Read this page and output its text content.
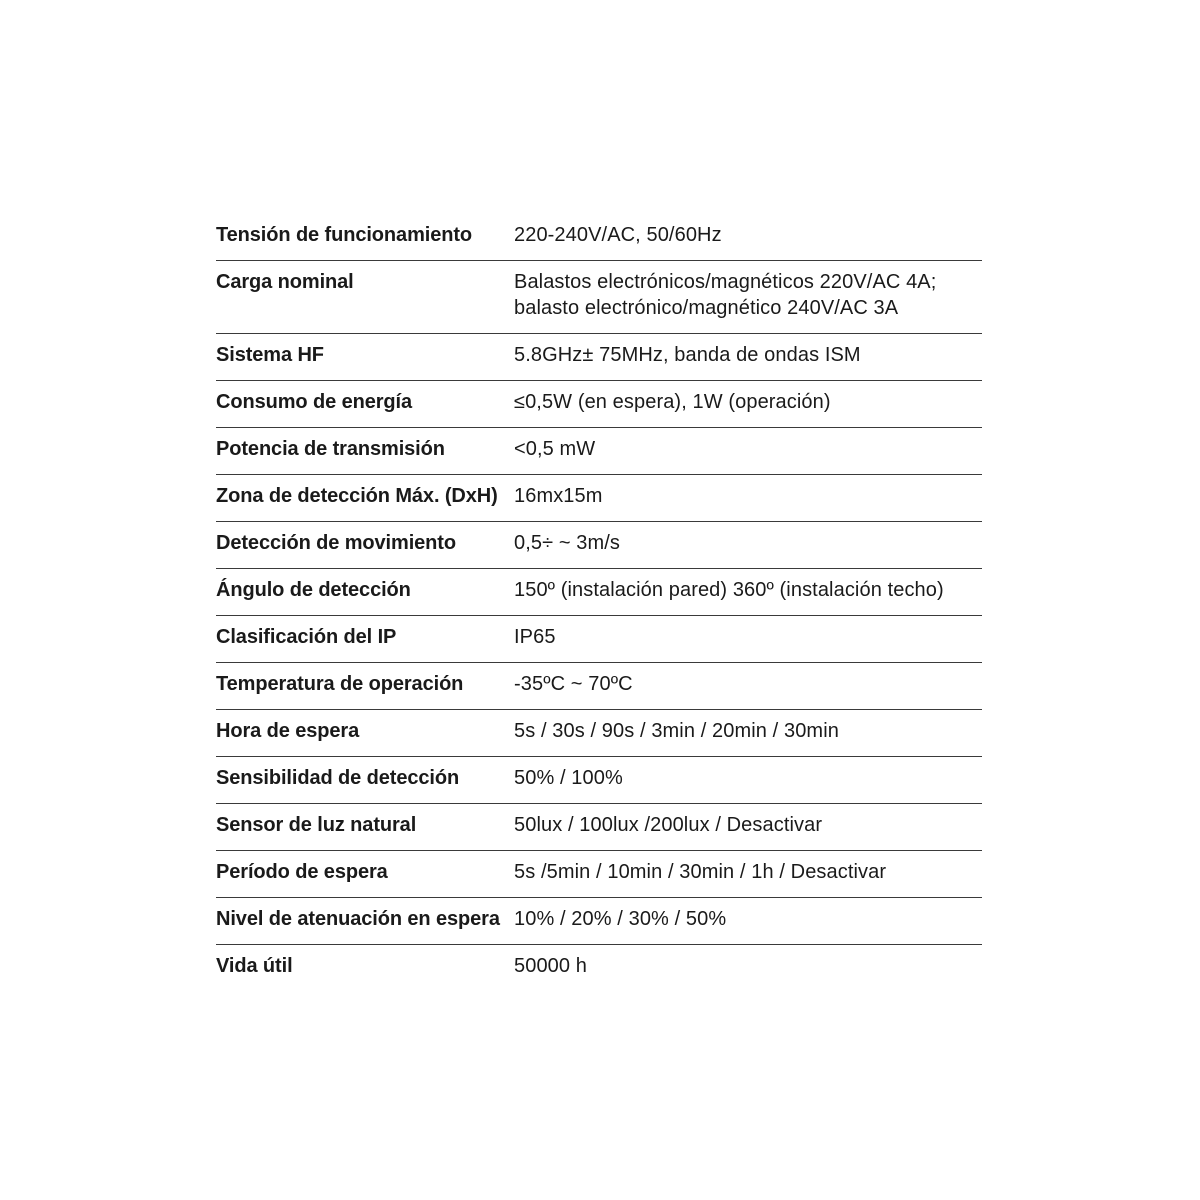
Tensión de funcionamiento	220-240V/AC, 50/60Hz
Carga nominal	Balastos electrónicos/magnéticos 220V/AC 4A;
balasto electrónico/magnético 240V/AC 3A
Sistema HF	5.8GHz± 75MHz, banda de ondas ISM
Consumo de energía	≤0,5W (en espera), 1W (operación)
Potencia de transmisión	<0,5 mW
Zona de detección Máx. (DxH)	16mx15m
Detección de movimiento	0,5÷ ~ 3m/s
Ángulo de detección	150º (instalación pared) 360º (instalación techo)
Clasificación del IP	IP65
Temperatura de operación	-35ºC ~ 70ºC
Hora de espera	5s / 30s / 90s / 3min / 20min / 30min
Sensibilidad de detección	50% / 100%
Sensor de luz natural	50lux / 100lux /200lux / Desactivar
Período de espera	5s /5min / 10min / 30min / 1h / Desactivar
Nivel de atenuación en espera	10% / 20% / 30% / 50%
Vida útil	50000 h
